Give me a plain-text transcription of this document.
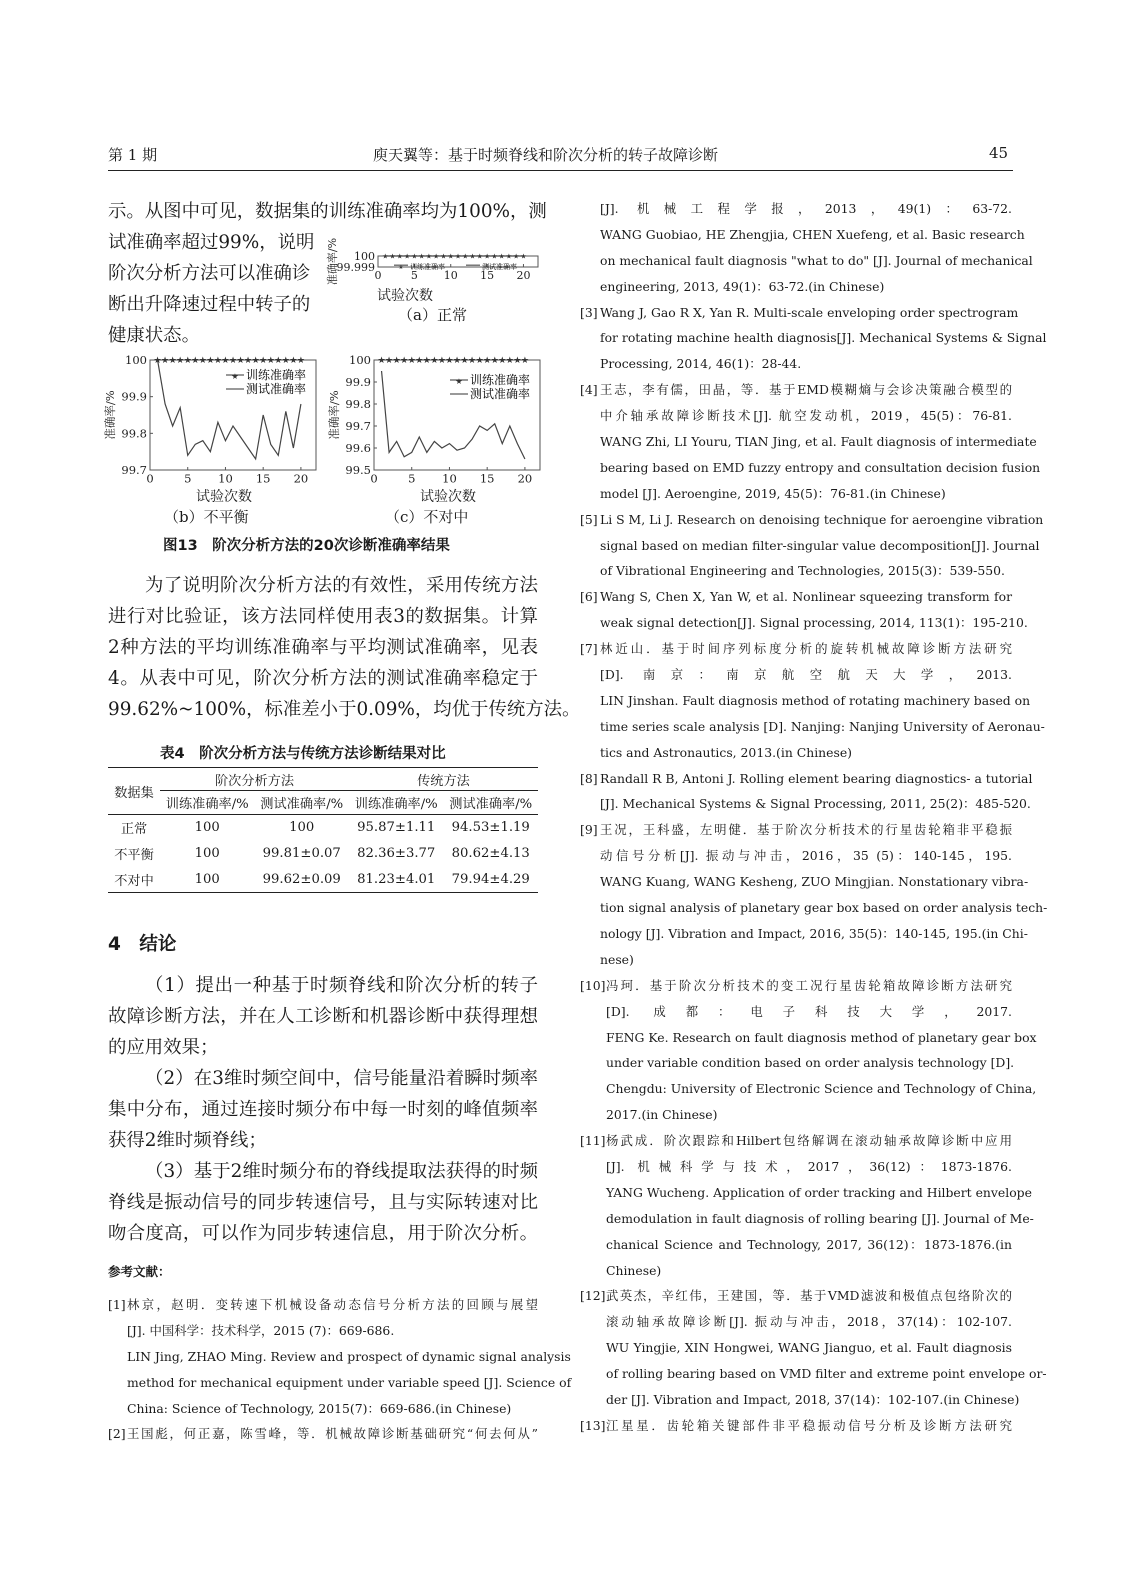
第 1 期	庾天翼等：基于时频脊线和阶次分析的转子故障诊断	45
示。从图中可见，数据集的训练准确率均为100%，测
试准确率超过99%，说明
阶次分析方法可以准确诊
断出升降速过程中转子的
健康状态。
99.999
100
0	5 10 15 20
准确率/%	★ ★ ★ ★ ★ ★ ★ ★ ★ ★ ★ ★ ★ ★ ★ ★ ★ ★ ★ ★
★ 训练准确率	测试准确率
试验次数
（a）正常
99.7
99.8
99.9
100
0	5 10 15 20
准确率/%
★ ★ ★ ★ ★ ★ ★ ★ ★ ★ ★ ★ ★ ★ ★ ★ ★ ★ ★ ★
★ 训练准确率
测试准确率
试验次数
（b）不平衡
99.5
99.6
99.7
99.8
99.9
100
0	5 10 15 20
准确率/%
★ ★ ★ ★ ★ ★ ★ ★ ★ ★ ★ ★ ★ ★ ★ ★ ★ ★ ★ ★
★ 训练准确率
测试准确率
试验次数
（c）不对中
图13　阶次分析方法的20次诊断准确率结果
为了说明阶次分析方法的有效性，采用传统方法
进行对比验证，该方法同样使用表3的数据集。计算
2种方法的平均训练准确率与平均测试准确率，见表
4。从表中可见，阶次分析方法的测试准确率稳定于
99.62%~100%，标准差小于0.09%，均优于传统方法。
表4　阶次分析方法与传统方法诊断结果对比
数据集	阶次分析方法		传统方法	
	训练准确率/%	测试准确率/%	训练准确率/%	测试准确率/%
正常	100	100	95.87±1.11	94.53±1.19
不平衡	100	99.81±0.07	82.36±3.77	80.62±4.13
不对中	100	99.62±0.09	81.23±4.01	79.94±4.29
4　结论
（1）提出一种基于时频脊线和阶次分析的转子
故障诊断方法，并在人工诊断和机器诊断中获得理想
的应用效果；
（2）在3维时频空间中，信号能量沿着瞬时频率
集中分布，通过连接时频分布中每一时刻的峰值频率
获得2维时频脊线；
（3）基于2维时频分布的脊线提取法获得的时频
脊线是振动信号的同步转速信号，且与实际转速对比
吻合度高，可以作为同步转速信息，用于阶次分析。
参考文献：
[1] 林京，赵明．变转速下机械设备动态信号分析方法的回顾与展望
[J]. 中国科学：技术科学，2015 (7)：669-686.
LIN Jing, ZHAO Ming. Review and prospect of dynamic signal analysis
method for mechanical equipment under variable speed [J]. Science of
China: Science of Technology, 2015(7)：669-686.(in Chinese)
[2] 王国彪，何正嘉，陈雪峰，等．机械故障诊断基础研究“何去何从”
[J]. 机械工程学报，2013，49(1)：63-72.
WANG Guobiao, HE Zhengjia, CHEN Xuefeng, et al. Basic research
on mechanical fault diagnosis "what to do" [J]. Journal of mechanical
engineering, 2013, 49(1)：63-72.(in Chinese)
[3] Wang J, Gao R X, Yan R. Multi-scale enveloping order spectrogram
for rotating machine health diagnosis[J]. Mechanical Systems & Signal
Processing, 2014, 46(1)：28-44.
[4] 王志，李有儒，田晶，等．基于EMD模糊熵与会诊决策融合模型的
中介轴承故障诊断技术[J]. 航空发动机，2019，45(5)：76-81.
WANG Zhi, LI Youru, TIAN Jing, et al. Fault diagnosis of intermediate
bearing based on EMD fuzzy entropy and consultation decision fusion
model [J]. Aeroengine, 2019, 45(5)：76-81.(in Chinese)
[5] Li S M, Li J. Research on denoising technique for aeroengine vibration
signal based on median filter-singular value decomposition[J]. Journal
of Vibrational Engineering and Technologies, 2015(3)：539-550.
[6] Wang S, Chen X, Yan W, et al. Nonlinear squeezing transform for
weak signal detection[J]. Signal processing, 2014, 113(1)：195-210.
[7] 林近山．基于时间序列标度分析的旋转机械故障诊断方法研究
[D]. 南京：南京航空航天大学，2013.
LIN Jinshan. Fault diagnosis method of rotating machinery based on
time series scale analysis [D]. Nanjing: Nanjing University of Aeronau-
tics and Astronautics, 2013.(in Chinese)
[8] Randall R B, Antoni J. Rolling element bearing diagnostics- a tutorial
[J]. Mechanical Systems & Signal Processing, 2011, 25(2)：485-520.
[9] 王况，王科盛，左明健．基于阶次分析技术的行星齿轮箱非平稳振
动信号分析[J]. 振动与冲击，2016，35 (5)：140-145，195.
WANG Kuang, WANG Kesheng, ZUO Mingjian. Nonstationary vibra-
tion signal analysis of planetary gear box based on order analysis tech-
nology [J]. Vibration and Impact, 2016, 35(5)：140-145, 195.(in Chi-
nese)
[10] 冯珂．基于阶次分析技术的变工况行星齿轮箱故障诊断方法研究
[D]. 成都：电子科技大学，2017.
FENG Ke. Research on fault diagnosis method of planetary gear box
under variable condition based on order analysis technology [D].
Chengdu: University of Electronic Science and Technology of China,
2017.(in Chinese)
[11] 杨武成．阶次跟踪和Hilbert包络解调在滚动轴承故障诊断中应用
[J]. 机械科学与技术，2017，36(12)：1873-1876.
YANG Wucheng. Application of order tracking and Hilbert envelope
demodulation in fault diagnosis of rolling bearing [J]. Journal of Me-
chanical Science and Technology, 2017, 36(12)：1873-1876.(in
Chinese)
[12] 武英杰，辛红伟，王建国，等．基于VMD滤波和极值点包络阶次的
滚动轴承故障诊断[J]. 振动与冲击，2018，37(14)：102-107.
WU Yingjie, XIN Hongwei, WANG Jianguo, et al. Fault diagnosis
of rolling bearing based on VMD filter and extreme point envelope or-
der [J]. Vibration and Impact, 2018, 37(14)：102-107.(in Chinese)
[13] 江星星．齿轮箱关键部件非平稳振动信号分析及诊断方法研究
